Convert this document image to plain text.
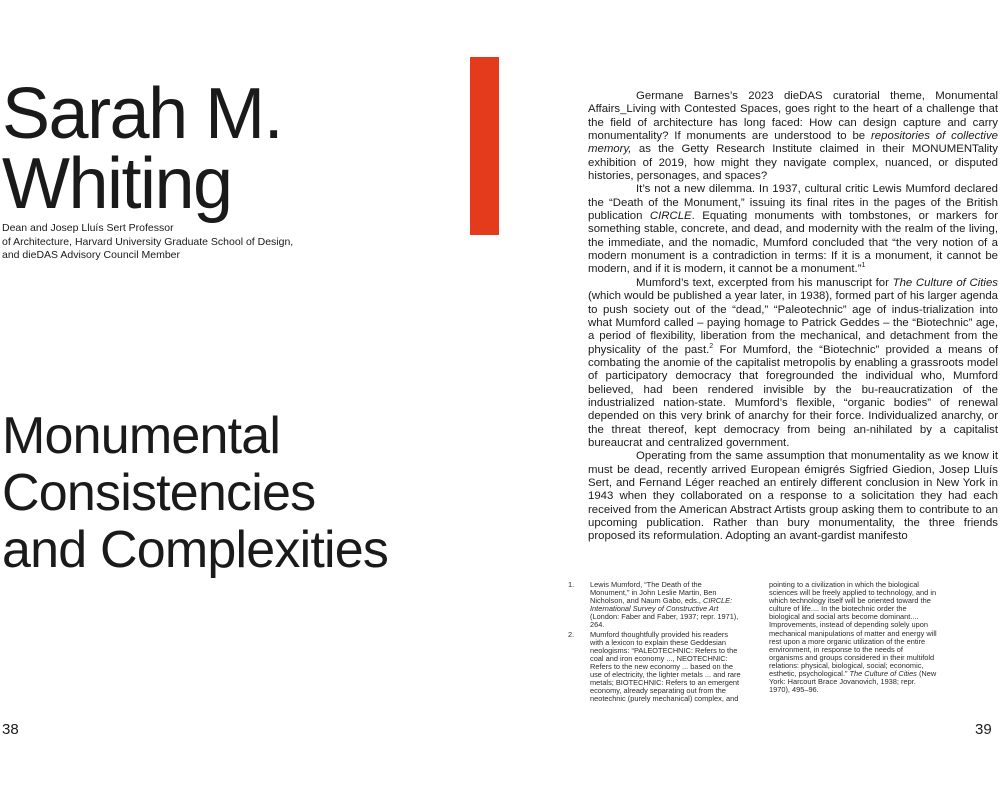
Sarah M.
Whiting

Dean and Josep Lluís Sert Professor
of Architecture, Harvard University Graduate School of Design,
and dieDAS Advisory Council Member

Monumental
Consistencies
and Complexities

38

Germane Barnes’s 2023 dieDAS curatorial theme, Monumental Affairs_Living with Contested Spaces, goes right to the heart of a challenge that the field of architecture has long faced: How can design capture and carry monumentality? If monuments are understood to be repositories of collective memory, as the Getty Research Institute claimed in their MONUMENTality exhibition of 2019, how might they navigate complex, nuanced, or disputed histories, personages, and spaces?

It’s not a new dilemma. In 1937, cultural critic Lewis Mumford declared the “Death of the Monument,” issuing its final rites in the pages of the British publication CIRCLE. Equating monuments with tombstones, or markers for something stable, concrete, and dead, and modernity with the realm of the living, the immediate, and the nomadic, Mumford concluded that “the very notion of a modern monument is a contradiction in terms: If it is a monument, it cannot be modern, and if it is modern, it cannot be a monument.”$^1$

Mumford’s text, excerpted from his manuscript for The Culture of Cities (which would be published a year later, in 1938), formed part of his larger agenda to push society out of the “dead,” “Paleotechnic” age of indus-trialization into what Mumford called – paying homage to Patrick Geddes – the “Biotechnic” age, a period of flexibility, liberation from the mechanical, and detachment from the physicality of the past.$^2$ For Mumford, the “Biotechnic” provided a means of combating the anomie of the capitalist metropolis by enabling a grassroots model of participatory democracy that foregrounded the individual who, Mumford believed, had been rendered invisible by the bu-reaucratization of the industrialized nation-state. Mumford’s flexible, “organic bodies” of renewal depended on this very brink of anarchy for their force. Individualized anarchy, or the threat thereof, kept democracy from being an-nihilated by a capitalist bureaucrat and centralized government.

Operating from the same assumption that monumentality as we know it must be dead, recently arrived European émigrés Sigfried Giedion, Josep Lluís Sert, and Fernand Léger reached an entirely different conclusion in New York in 1943 when they collaborated on a response to a solicitation they had each received from the American Abstract Artists group asking them to contribute to an upcoming publication. Rather than bury monumentality, the three friends proposed its reformulation. Adopting an avant-gardist manifesto

1. Lewis Mumford, “The Death of the Monument,” in John Leslie Martin, Ben Nicholson, and Naum Gabo, eds., CIRCLE: International Survey of Constructive Art (London: Faber and Faber, 1937; repr. 1971), 264.
2. Mumford thoughtfully provided his readers with a lexicon to explain these Geddesian neologisms: “PALEOTECHNIC: Refers to the coal and iron economy ..., NEOTECHNIC: Refers to the new economy ... based on the use of electricity, the lighter metals ... and rare metals; BIOTECHNIC: Refers to an emergent economy, already separating out from the neotechnic (purely mechanical) complex, and
pointing to a civilization in which the biological sciences will be freely applied to technology, and in which technology itself will be oriented toward the culture of life.... In the biotechnic order the biological and social arts become dominant.... Improvements, instead of depending solely upon mechanical manipulations of matter and energy will rest upon a more organic utilization of the entire environment, in response to the needs of organisms and groups considered in their multifold relations: physical, biological, social; economic, esthetic, psychological.” The Culture of Cities (New York: Harcourt Brace Jovanovich, 1938; repr. 1970), 495–96.

39
